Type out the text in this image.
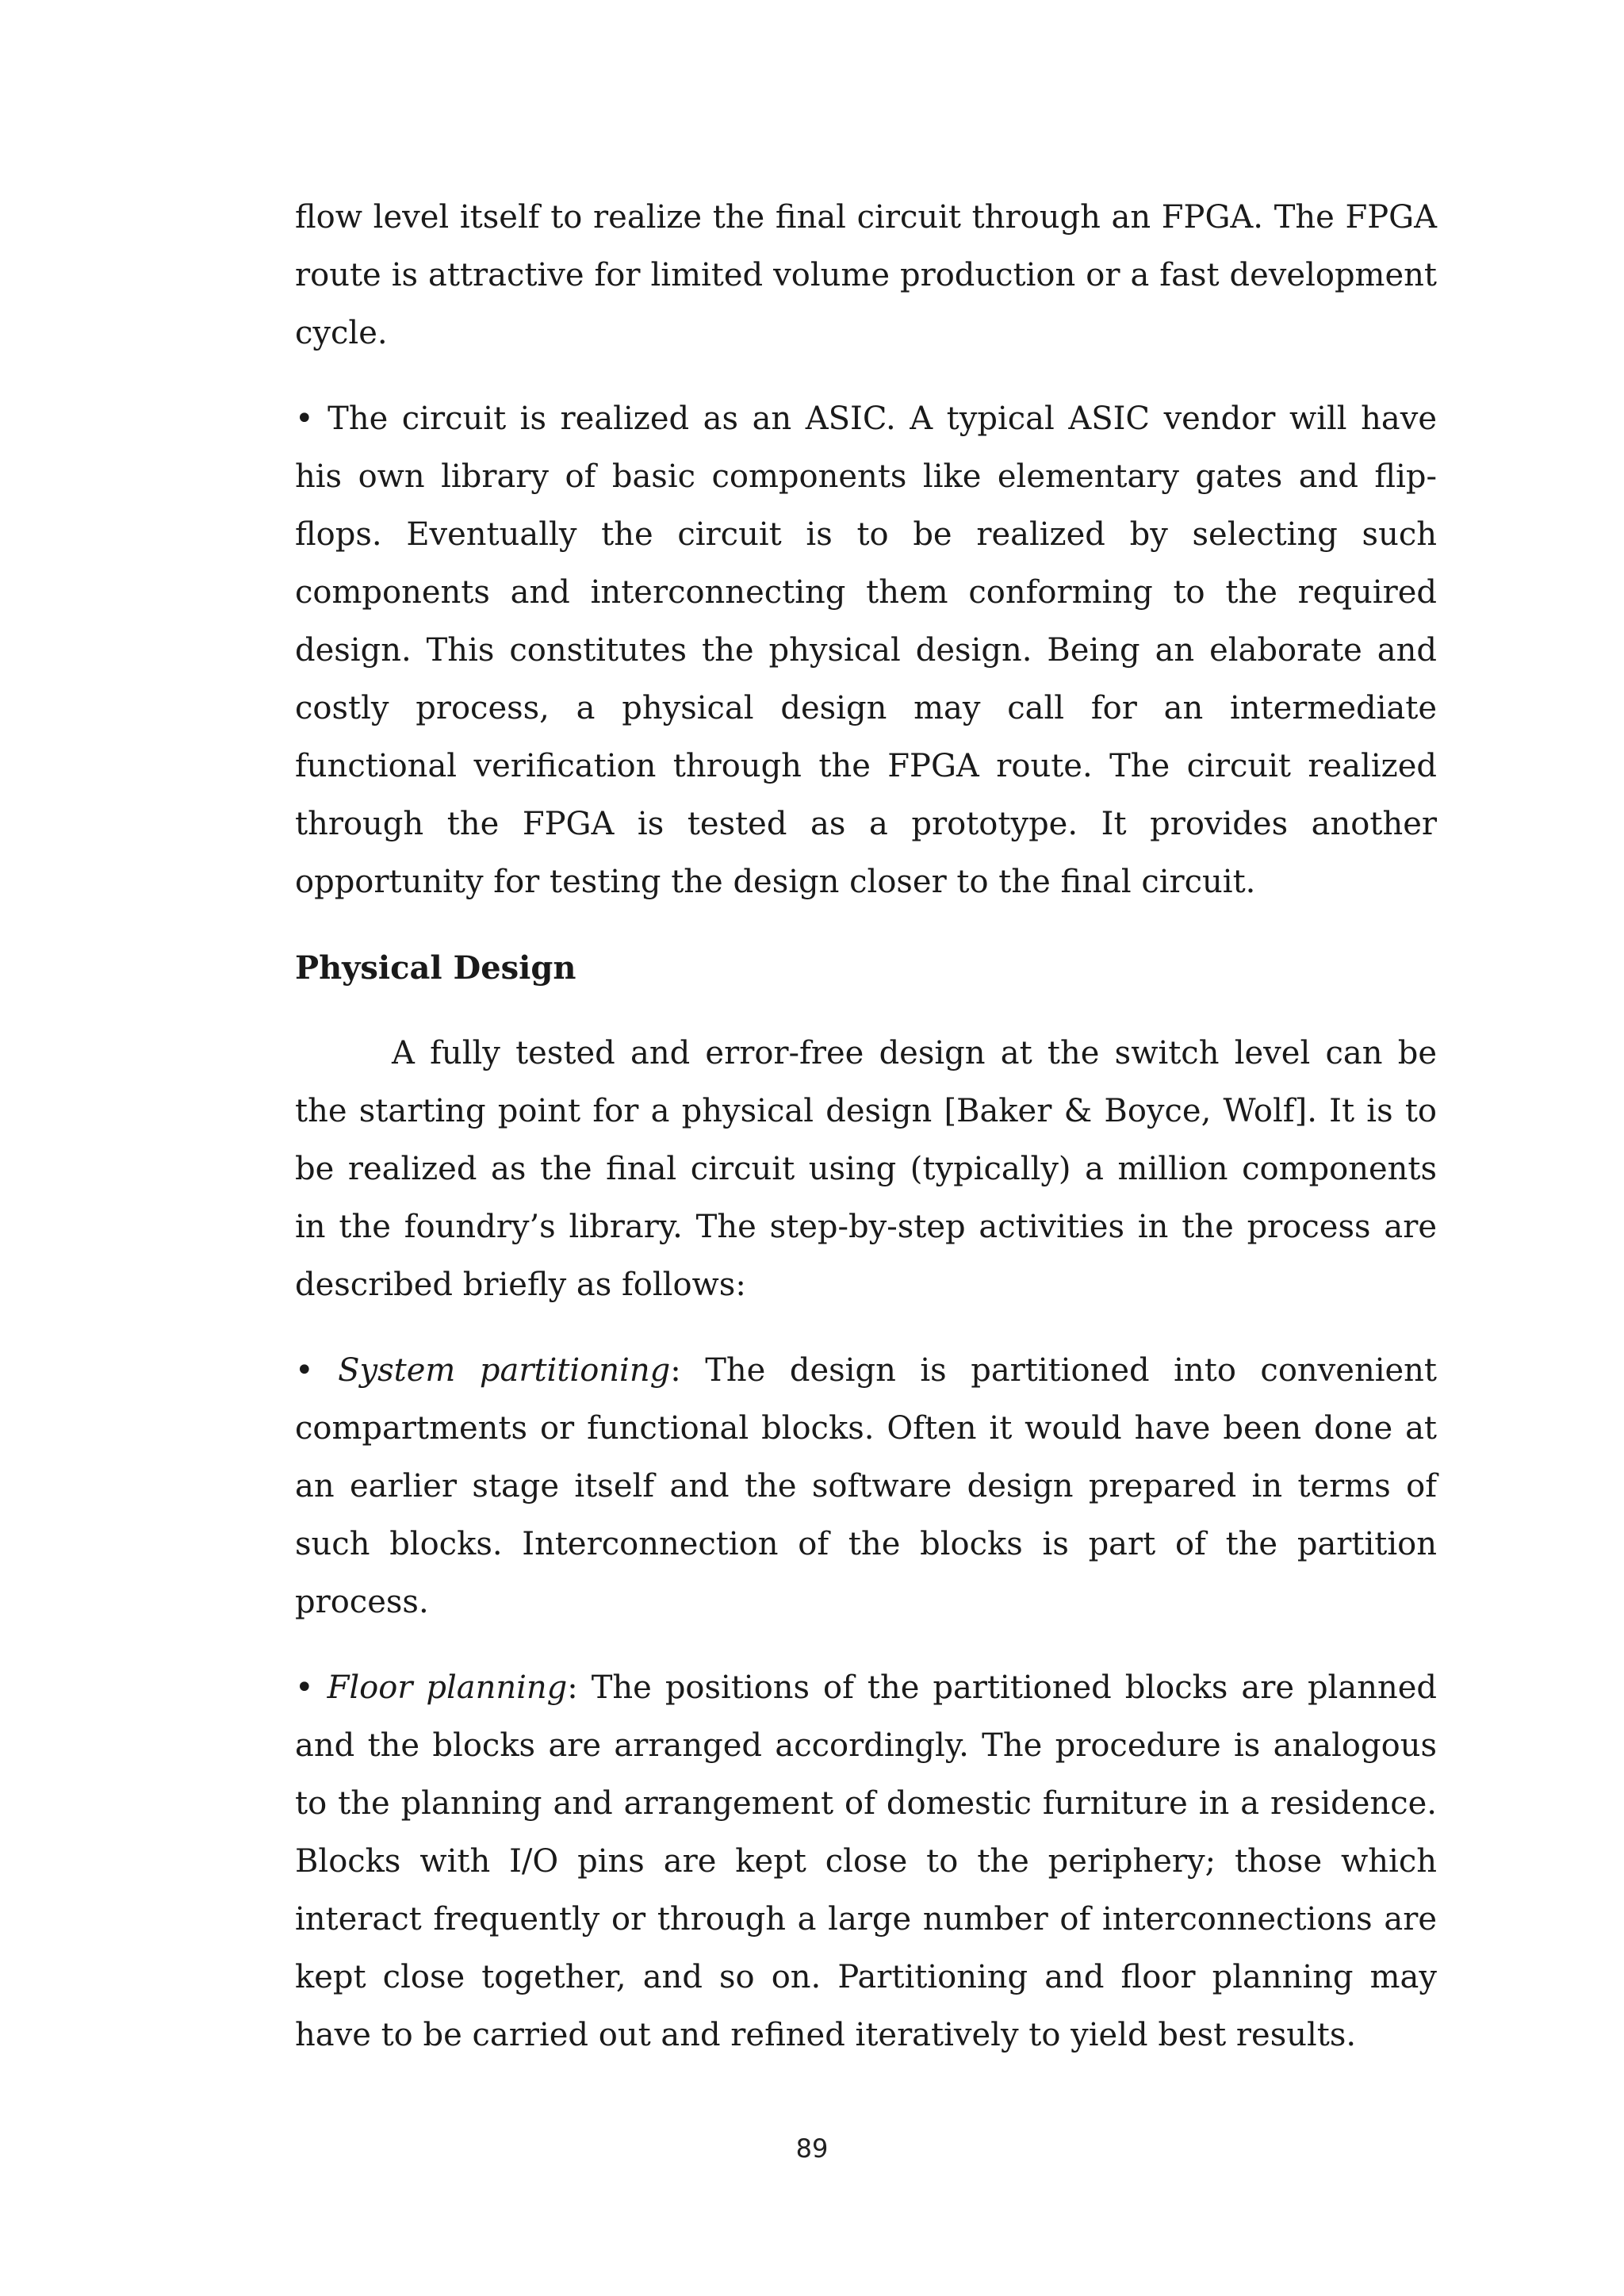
flow level itself to realize the final circuit through an FPGA. The FPGA route is attractive for limited volume production or a fast development cycle.

• The circuit is realized as an ASIC. A typical ASIC vendor will have his own library of basic components like elementary gates and flip-flops. Eventually the circuit is to be realized by selecting such components and interconnecting them conforming to the required design. This constitutes the physical design. Being an elaborate and costly process, a physical design may call for an intermediate functional verification through the FPGA route. The circuit realized through the FPGA is tested as a prototype. It provides another opportunity for testing the design closer to the final circuit.

Physical Design

A fully tested and error-free design at the switch level can be the starting point for a physical design [Baker & Boyce, Wolf]. It is to be realized as the final circuit using (typically) a million components in the foundry’s library. The step-by-step activities in the process are described briefly as follows:

• System partitioning: The design is partitioned into convenient compartments or functional blocks. Often it would have been done at an earlier stage itself and the software design prepared in terms of such blocks. Interconnection of the blocks is part of the partition process.

• Floor planning: The positions of the partitioned blocks are planned and the blocks are arranged accordingly. The procedure is analogous to the planning and arrangement of domestic furniture in a residence. Blocks with I/O pins are kept close to the periphery; those which interact frequently or through a large number of interconnections are kept close together, and so on. Partitioning and floor planning may have to be carried out and refined iteratively to yield best results.

89
